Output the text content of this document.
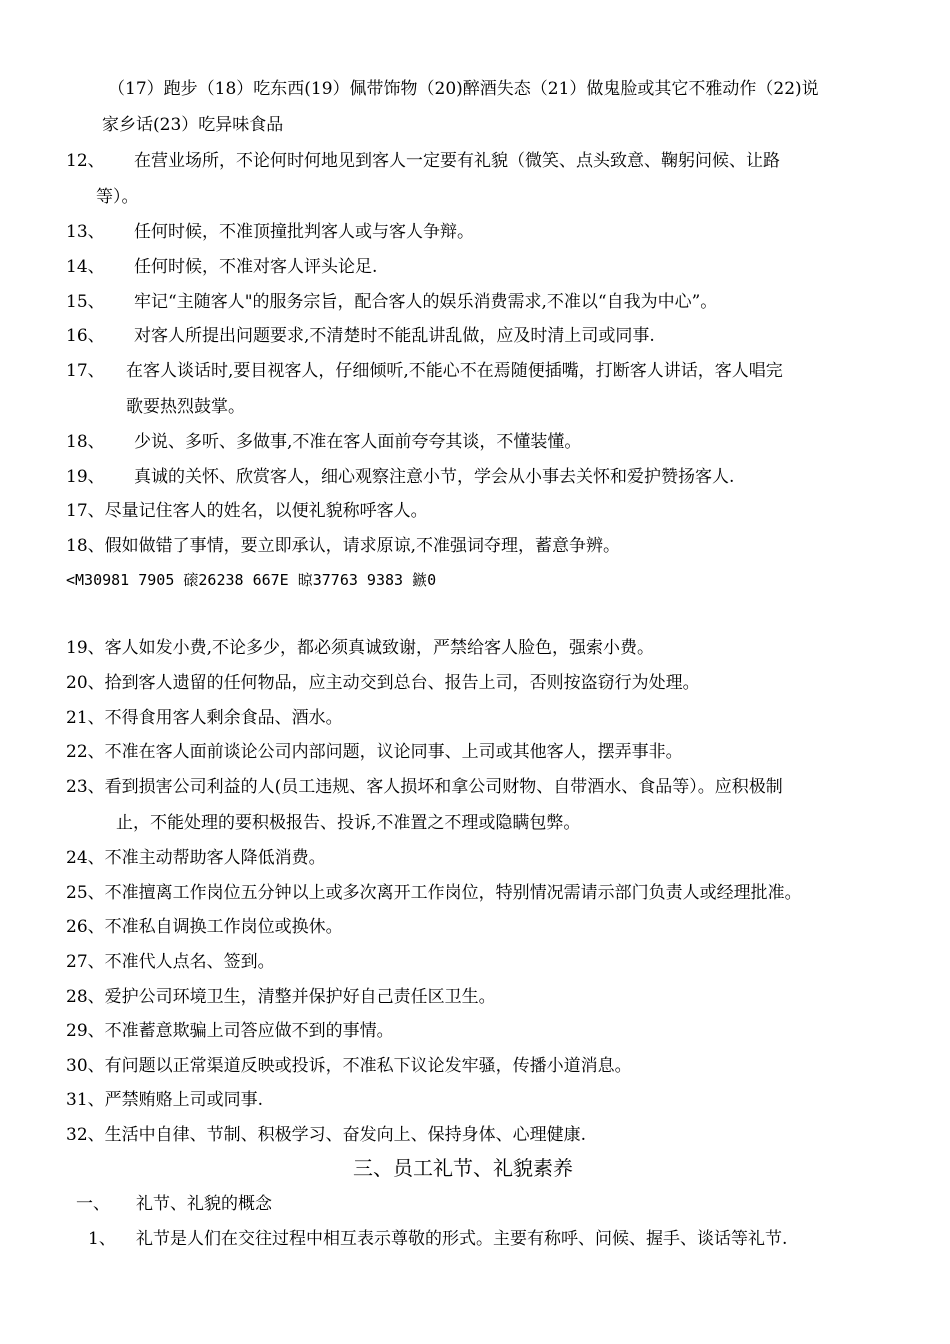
（17）跑步（18）吃东西(19）佩带饰物（20)醉酒失态（21）做鬼脸或其它不雅动作（22)说
家乡话(23）吃异味食品
12、 在营业场所，不论何时何地见到客人一定要有礼貌（微笑、点头致意、鞠躬问候、让路
等）。
13、 任何时候，不准顶撞批判客人或与客人争辩。
14、 任何时候，不准对客人评头论足.
15、 牢记“主随客人"的服务宗旨，配合客人的娱乐消费需求,不准以“自我为中心”。
16、 对客人所提出问题要求,不清楚时不能乱讲乱做，应及时清上司或同事.
17、 在客人谈话时,要目视客人，仔细倾听,不能心不在焉随便插嘴，打断客人讲话，客人唱完
歌要热烈鼓掌。
18、 少说、多听、多做事,不准在客人面前夸夸其谈，不懂装懂。
19、 真诚的关怀、欣赏客人，细心观察注意小节，学会从小事去关怀和爱护赞扬客人.
17、尽量记住客人的姓名，以便礼貌称呼客人。
18、假如做错了事情，要立即承认，请求原谅,不准强词夺理，蓄意争辨。
<M30981 7905 磙26238 667E 晾37763 9383 鏃0
19、客人如发小费,不论多少，都必须真诚致谢，严禁给客人脸色，强索小费。
20、拾到客人遗留的任何物品，应主动交到总台、报告上司，否则按盗窃行为处理。
21、不得食用客人剩余食品、酒水。
22、不准在客人面前谈论公司内部问题，议论同事、上司或其他客人，摆弄事非。
23、看到损害公司利益的人(员工违规、客人损坏和拿公司财物、自带酒水、食品等）。应积极制
止，不能处理的要积极报告、投诉,不准置之不理或隐瞒包弊。
24、不准主动帮助客人降低消费。
25、不准擅离工作岗位五分钟以上或多次离开工作岗位，特别情况需请示部门负责人或经理批准。
26、不准私自调换工作岗位或换休。
27、不准代人点名、签到。
28、爱护公司环境卫生，清整并保护好自己责任区卫生。
29、不准蓄意欺骗上司答应做不到的事情。
30、有问题以正常渠道反映或投诉，不准私下议论发牢骚，传播小道消息。
31、严禁贿赂上司或同事.
32、生活中自律、节制、积极学习、奋发向上、保持身体、心理健康.
三、员工礼节、礼貌素养
一、 礼节、礼貌的概念
1、 礼节是人们在交往过程中相互表示尊敬的形式。主要有称呼、问候、握手、谈话等礼节.
